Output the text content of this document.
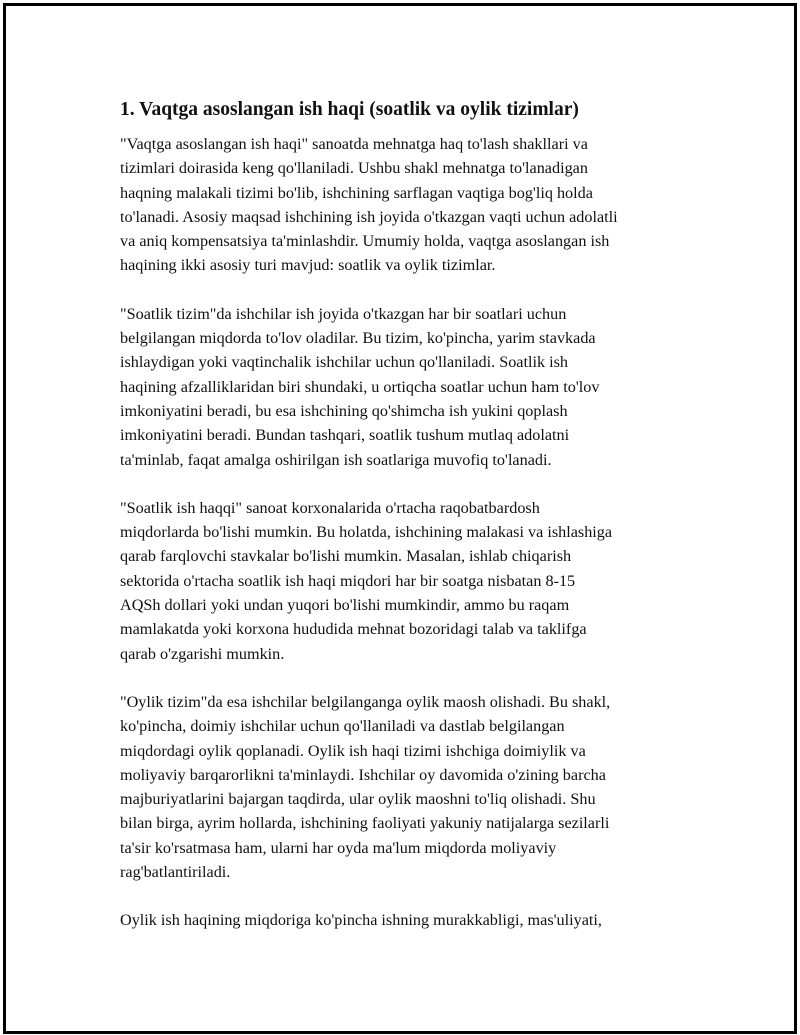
1. Vaqtga asoslangan ish haqi (soatlik va oylik tizimlar)

"Vaqtga asoslangan ish haqi" sanoatda mehnatga haq to'lash shakllari va
tizimlari doirasida keng qo'llaniladi. Ushbu shakl mehnatga to'lanadigan
haqning malakali tizimi bo'lib, ishchining sarflagan vaqtiga bog'liq holda
to'lanadi. Asosiy maqsad ishchining ish joyida o'tkazgan vaqti uchun adolatli
va aniq kompensatsiya ta'minlashdir. Umumiy holda, vaqtga asoslangan ish
haqining ikki asosiy turi mavjud: soatlik va oylik tizimlar.

"Soatlik tizim"da ishchilar ish joyida o'tkazgan har bir soatlari uchun
belgilangan miqdorda to'lov oladilar. Bu tizim, ko'pincha, yarim stavkada
ishlaydigan yoki vaqtinchalik ishchilar uchun qo'llaniladi. Soatlik ish
haqining afzalliklaridan biri shundaki, u ortiqcha soatlar uchun ham to'lov
imkoniyatini beradi, bu esa ishchining qo'shimcha ish yukini qoplash
imkoniyatini beradi. Bundan tashqari, soatlik tushum mutlaq adolatni
ta'minlab, faqat amalga oshirilgan ish soatlariga muvofiq to'lanadi.

"Soatlik ish haqqi" sanoat korxonalarida o'rtacha raqobatbardosh
miqdorlarda bo'lishi mumkin. Bu holatda, ishchining malakasi va ishlashiga
qarab farqlovchi stavkalar bo'lishi mumkin. Masalan, ishlab chiqarish
sektorida o'rtacha soatlik ish haqi miqdori har bir soatga nisbatan 8-15
AQSh dollari yoki undan yuqori bo'lishi mumkindir, ammo bu raqam
mamlakatda yoki korxona hududida mehnat bozoridagi talab va taklifga
qarab o'zgarishi mumkin.

"Oylik tizim"da esa ishchilar belgilanganga oylik maosh olishadi. Bu shakl,
ko'pincha, doimiy ishchilar uchun qo'llaniladi va dastlab belgilangan
miqdordagi oylik qoplanadi. Oylik ish haqi tizimi ishchiga doimiylik va
moliyaviy barqarorlikni ta'minlaydi. Ishchilar oy davomida o'zining barcha
majburiyatlarini bajargan taqdirda, ular oylik maoshni to'liq olishadi. Shu
bilan birga, ayrim hollarda, ishchining faoliyati yakuniy natijalarga sezilarli
ta'sir ko'rsatmasa ham, ularni har oyda ma'lum miqdorda moliyaviy
rag'batlantiriladi.

Oylik ish haqining miqdoriga ko'pincha ishning murakkabligi, mas'uliyati,
